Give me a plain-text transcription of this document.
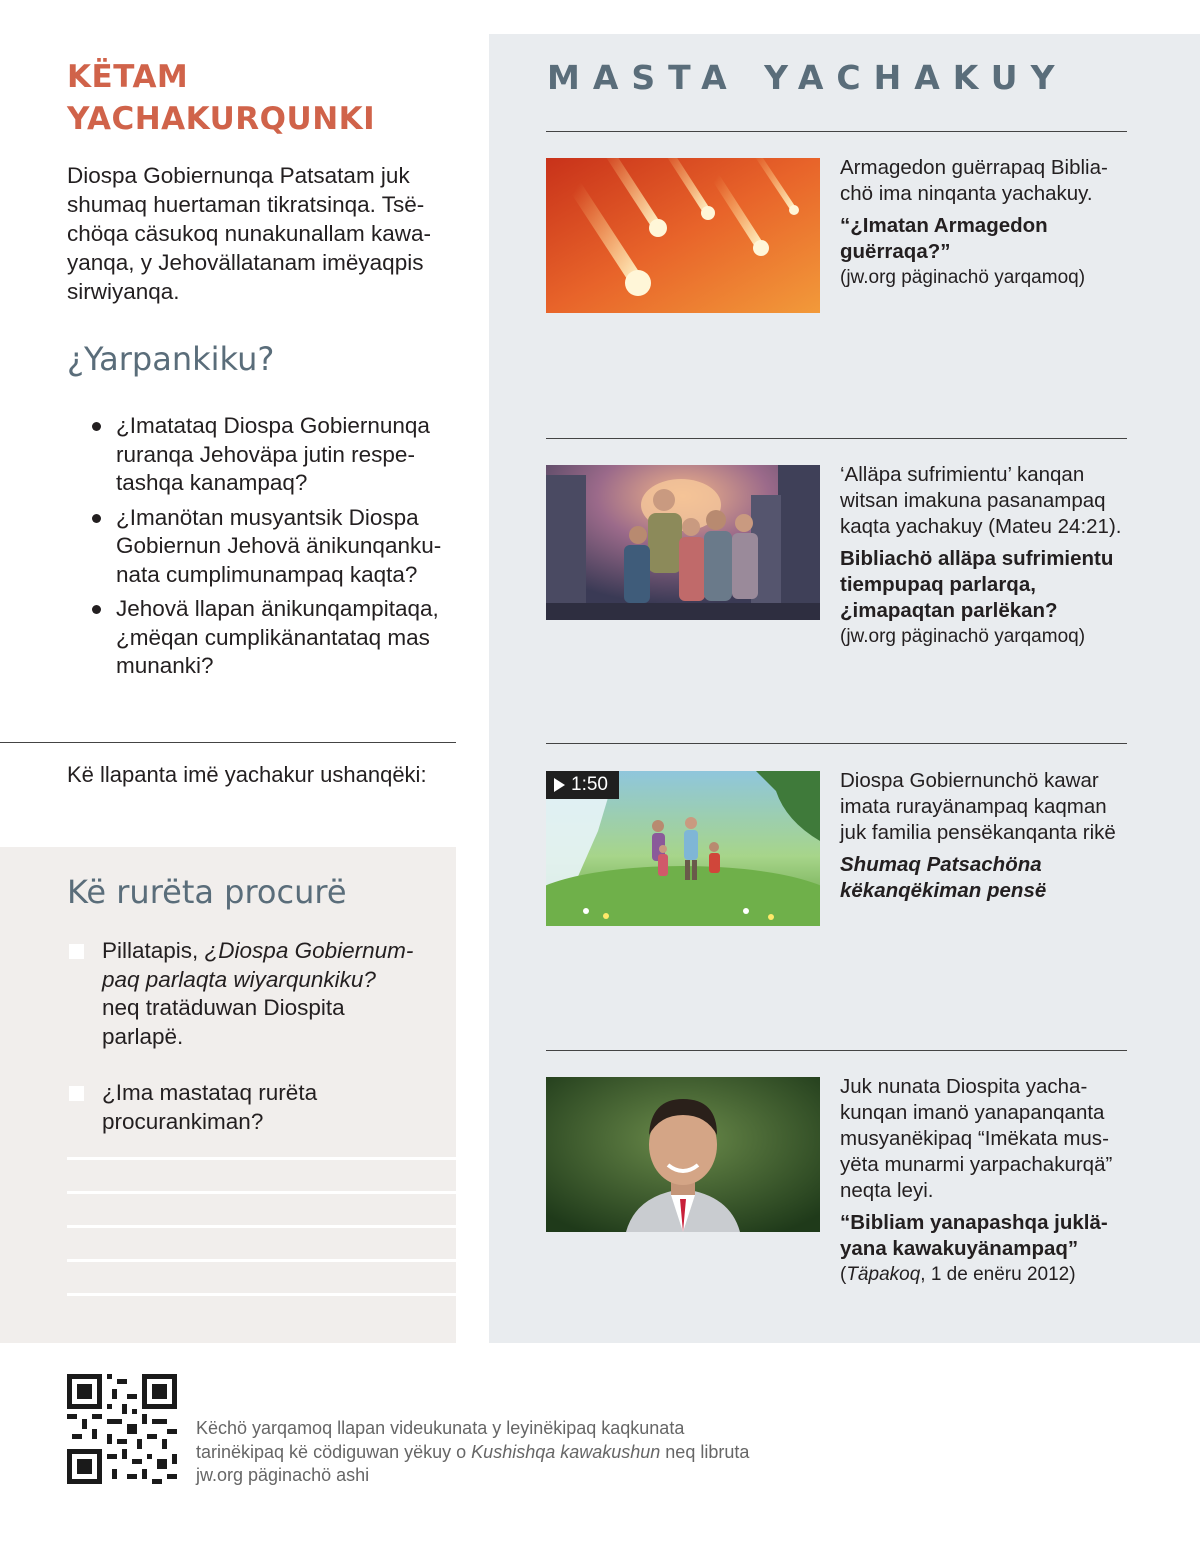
KËTAM
YACHAKURQUNKI

Diospa Gobiernunqa Patsatam juk shumaq huertaman tikratsinqa. Tsëchöqa cäsukoq nunakunallam kawayanqa, y Jehovällatanam imëyaqpis sirwiyanqa.

¿Yarpankiku?
¿Imatataq Diospa Gobiernunqa ruranqa Jehoväpa jutin respetashqa kanampaq?
¿Imanötan musyantsik Diospa Gobiernun Jehovä änikunqankunata cumplimunampaq kaqta?
Jehovä llapan änikunqampitaqa, ¿mëqan cumplikänantataq mas munanki?

Kë llapanta imë yachakur ushanqëki:

Kë rurëta procurë

Pillatapis, ¿Diospa Gobiernumpaq parlaqta wiyarqunkiku? neq tratäduwan Diospita parlapë.

¿Ima mastataq rurëta procurankiman?

MASTA YACHAKUY

Armagedon guërrapaq Bibliachö ima ninqanta yachakuy.

“¿Imatan Armagedon guërraqa?”

(jw.org päginachö yarqamoq)

‘Alläpa sufrimientu’ kanqan witsan imakuna pasanampaq kaqta yachakuy (Mateu 24:21).

Bibliachö alläpa sufrimientu tiempupaq parlarqa, ¿imapaqtan parlëkan?

(jw.org päginachö yarqamoq)

1:50	Diospa Gobiernunchö kawar imata rurayänampaq kaqman juk familia pensëkanqanta rikë

Shumaq Patsachöna këkanqëkiman pensë

Juk nunata Diospita yachakunqan imanö yanapanqanta musyanëkipaq “Imëkata musyëta munarmi yarpachakurqä” neqta leyi.

“Bibliam yanapashqa jukläyana kawakuyänampaq”

(Täpakoq, 1 de enëru 2012)

Këchö yarqamoq llapan videukunata y leyinëkipaq kaqkunata tarinëkipaq kë cödiguwan yëkuy o Kushishqa kawakushun neq libruta jw.org päginachö ashi
